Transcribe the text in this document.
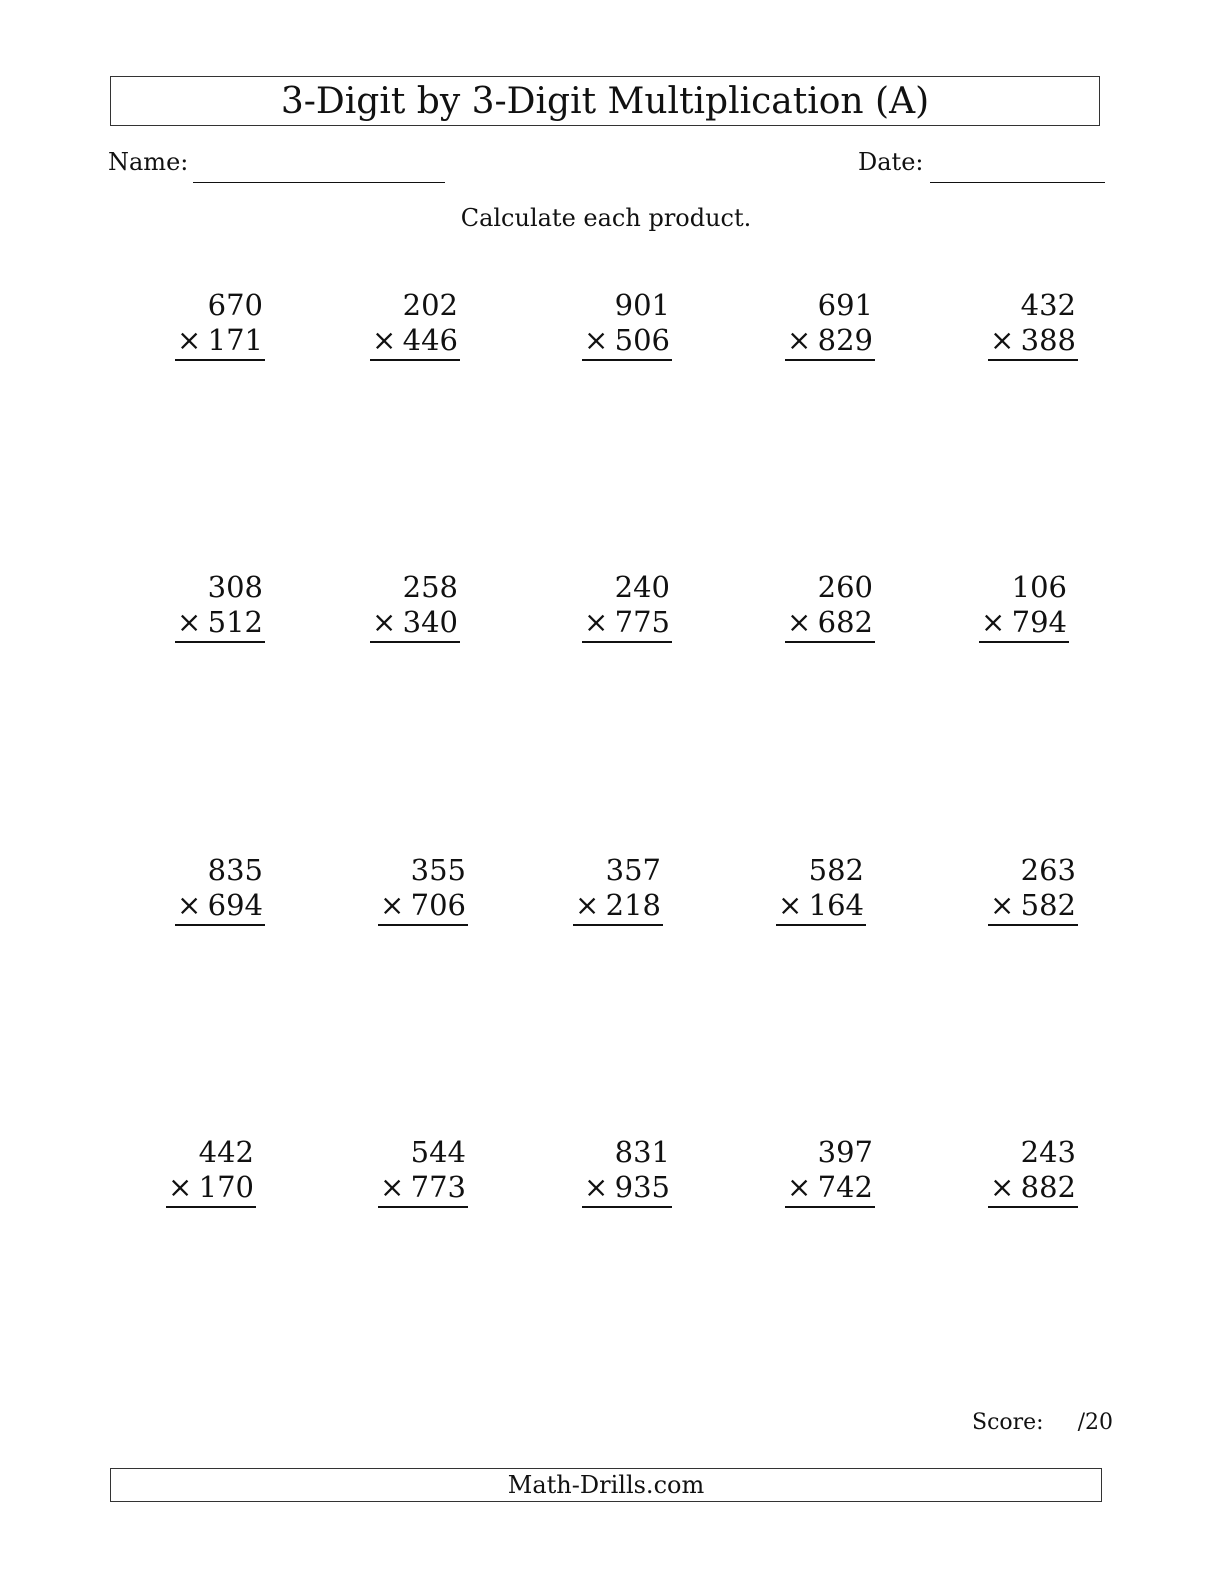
3-Digit by 3-Digit Multiplication (A)
Name:	Date:
Calculate each product.
670
× 171
202
× 446
901
× 506
691
× 829
432
× 388
308
× 512
258
× 340
240
× 775
260
× 682
106
× 794
835
× 694
355
× 706
357
× 218
582
× 164
263
× 582
442
× 170
544
× 773
831
× 935
397
× 742
243
× 882
Score: /20
Math-Drills.com
